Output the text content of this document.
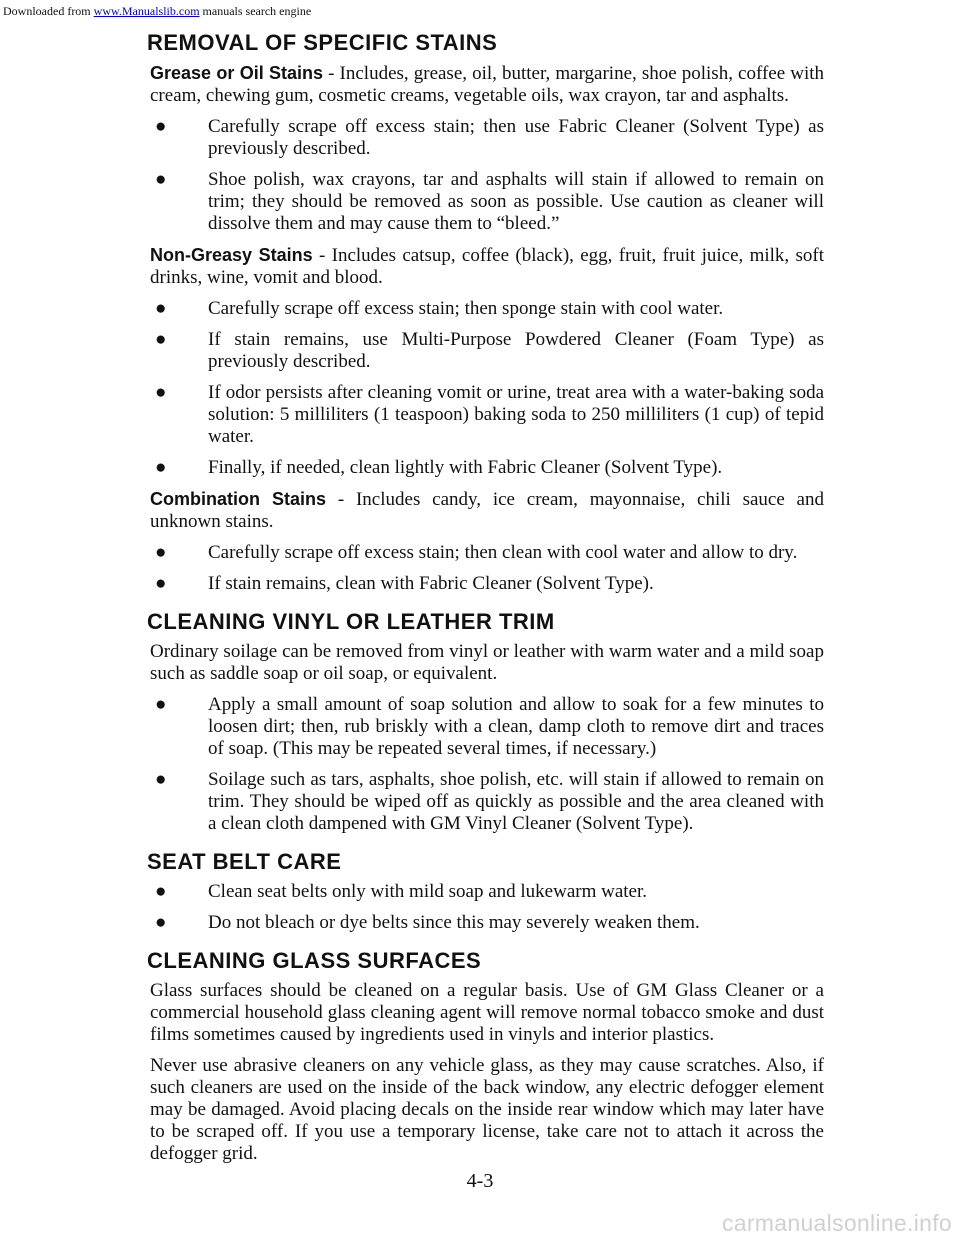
Downloaded from www.Manualslib.com manuals search engine
REMOVAL OF SPECIFIC STAINS

Grease or Oil Stains - Includes, grease, oil, butter, margarine, shoe polish, coffee with cream, chewing gum, cosmetic creams, vegetable oils, wax crayon, tar and asphalts.

● Carefully scrape off excess stain; then use Fabric Cleaner (Solvent Type) as previously described.
● Shoe polish, wax crayons, tar and asphalts will stain if allowed to remain on trim; they should be removed as soon as possible. Use caution as cleaner will dissolve them and may cause them to “bleed.”

Non-Greasy Stains - Includes catsup, coffee (black), egg, fruit, fruit juice, milk, soft drinks, wine, vomit and blood.

● Carefully scrape off excess stain; then sponge stain with cool water.
● If stain remains, use Multi-Purpose Powdered Cleaner (Foam Type) as previously described.
● If odor persists after cleaning vomit or urine, treat area with a water-baking soda solution: 5 milliliters (1 teaspoon) baking soda to 250 milliliters (1 cup) of tepid water.
● Finally, if needed, clean lightly with Fabric Cleaner (Solvent Type).

Combination Stains - Includes candy, ice cream, mayonnaise, chili sauce and unknown stains.

● Carefully scrape off excess stain; then clean with cool water and allow to dry.
● If stain remains, clean with Fabric Cleaner (Solvent Type).
CLEANING VINYL OR LEATHER TRIM

Ordinary soilage can be removed from vinyl or leather with warm water and a mild soap such as saddle soap or oil soap, or equivalent.

● Apply a small amount of soap solution and allow to soak for a few minutes to loosen dirt; then, rub briskly with a clean, damp cloth to remove dirt and traces of soap. (This may be repeated several times, if necessary.)
● Soilage such as tars, asphalts, shoe polish, etc. will stain if allowed to remain on trim. They should be wiped off as quickly as possible and the area cleaned with a clean cloth dampened with GM Vinyl Cleaner (Solvent Type).
SEAT BELT CARE
● Clean seat belts only with mild soap and lukewarm water.
● Do not bleach or dye belts since this may severely weaken them.
CLEANING GLASS SURFACES

Glass surfaces should be cleaned on a regular basis. Use of GM Glass Cleaner or a commercial household glass cleaning agent will remove normal tobacco smoke and dust films sometimes caused by ingredients used in vinyls and interior plastics.

Never use abrasive cleaners on any vehicle glass, as they may cause scratches. Also, if such cleaners are used on the inside of the back window, any electric defogger element may be damaged. Avoid placing decals on the inside rear window which may later have to be scraped off. If you use a temporary license, take care not to attach it across the defogger grid.

4-3
carmanualsonline.info
